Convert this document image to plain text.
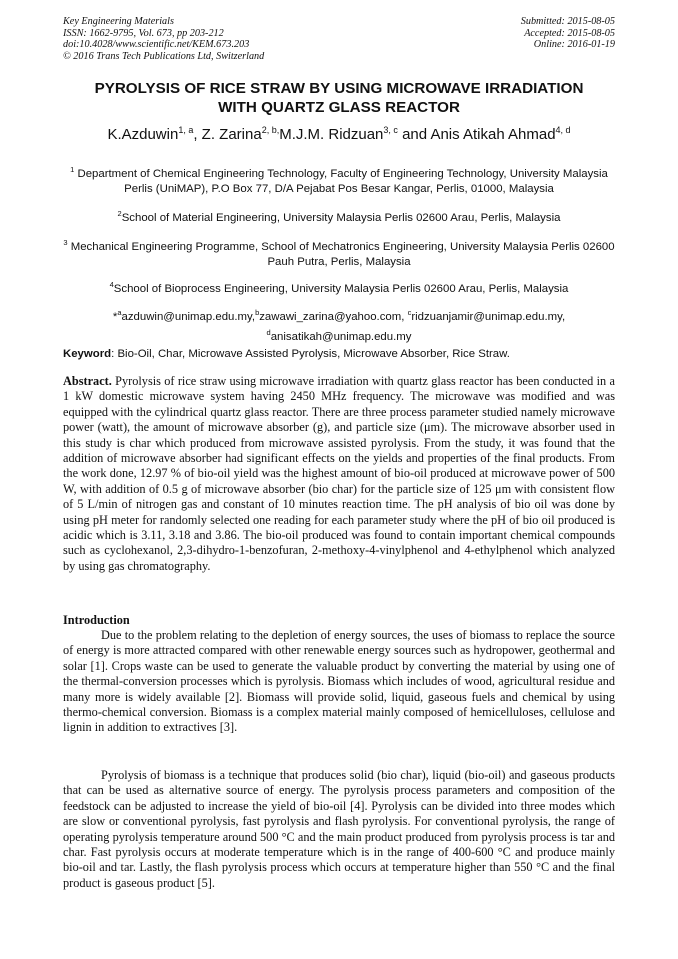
Key Engineering Materials
ISSN: 1662-9795, Vol. 673, pp 203-212
doi:10.4028/www.scientific.net/KEM.673.203
© 2016 Trans Tech Publications Ltd, Switzerland
Submitted: 2015-08-05
Accepted: 2015-08-05
Online: 2016-01-19
PYROLYSIS OF RICE STRAW BY USING MICROWAVE IRRADIATION
WITH QUARTZ GLASS REACTOR
K.Azduwin$^{1, a}$, Z. Zarina$^{2, b,}$M.J.M. Ridzuan$^{3, c}$ and Anis Atikah Ahmad$^{4, d}$
$^1$ Department of Chemical Engineering Technology, Faculty of Engineering Technology, University Malaysia Perlis (UniMAP), P.O Box 77, D/A Pejabat Pos Besar Kangar, Perlis, 01000, Malaysia
$^2$School of Material Engineering, University Malaysia Perlis 02600 Arau, Perlis, Malaysia
$^3$ Mechanical Engineering Programme, School of Mechatronics Engineering, University Malaysia Perlis 02600 Pauh Putra, Perlis, Malaysia
$^4$School of Bioprocess Engineering, University Malaysia Perlis 02600 Arau, Perlis, Malaysia
*$^a$azduwin@unimap.edu.my,$^b$zawawi_zarina@yahoo.com, $^c$ridzuanjamir@unimap.edu.my,
$^d$anisatikah@unimap.edu.my
Keyword: Bio-Oil, Char, Microwave Assisted Pyrolysis, Microwave Absorber, Rice Straw.
Abstract. Pyrolysis of rice straw using microwave irradiation with quartz glass reactor has been conducted in a 1 kW domestic microwave system having 2450 MHz frequency. The microwave was modified and was equipped with the cylindrical quartz glass reactor. There are three process parameter studied namely microwave power (watt), the amount of microwave absorber (g), and particle size (μm). The microwave absorber used in this study is char which produced from microwave assisted pyrolysis. From the study, it was found that the addition of microwave absorber had significant effects on the yields and properties of the final products. From the work done, 12.97 % of bio-oil yield was the highest amount of bio-oil produced at microwave power of 500 W, with addition of 0.5 g of microwave absorber (bio char) for the particle size of 125 μm with consistent flow of 5 L/min of nitrogen gas and constant of 10 minutes reaction time. The pH analysis of bio oil was done by using pH meter for randomly selected one reading for each parameter study where the pH of bio oil produced is acidic which is 3.11, 3.18 and 3.86. The bio-oil produced was found to contain important chemical compounds such as cyclohexanol, 2,3-dihydro-1-benzofuran, 2-methoxy-4-vinylphenol and 4-ethylphenol which analyzed by using gas chromatography.
Introduction
Due to the problem relating to the depletion of energy sources, the uses of biomass to replace the source of energy is more attracted compared with other renewable energy sources such as hydropower, geothermal and solar [1]. Crops waste can be used to generate the valuable product by converting the material by using one of the thermal-conversion processes which is pyrolysis. Biomass which includes of wood, agricultural residue and many more is widely available [2]. Biomass will provide solid, liquid, gaseous fuels and chemical by using thermo-chemical conversion. Biomass is a complex material mainly composed of hemicelluloses, cellulose and lignin in addition to extractives [3].
Pyrolysis of biomass is a technique that produces solid (bio char), liquid (bio-oil) and gaseous products that can be used as alternative source of energy. The pyrolysis process parameters and composition of the feedstock can be adjusted to increase the yield of bio-oil [4]. Pyrolysis can be divided into three modes which are slow or conventional pyrolysis, fast pyrolysis and flash pyrolysis. For conventional pyrolysis, the range of operating pyrolysis temperature around 500 °C and the main product produced from pyrolysis process is tar and char. Fast pyrolysis occurs at moderate temperature which is in the range of 400-600 °C and produce mainly bio-oil and tar. Lastly, the flash pyrolysis process which occurs at temperature higher than 550 °C and the final product is gaseous product [5].
